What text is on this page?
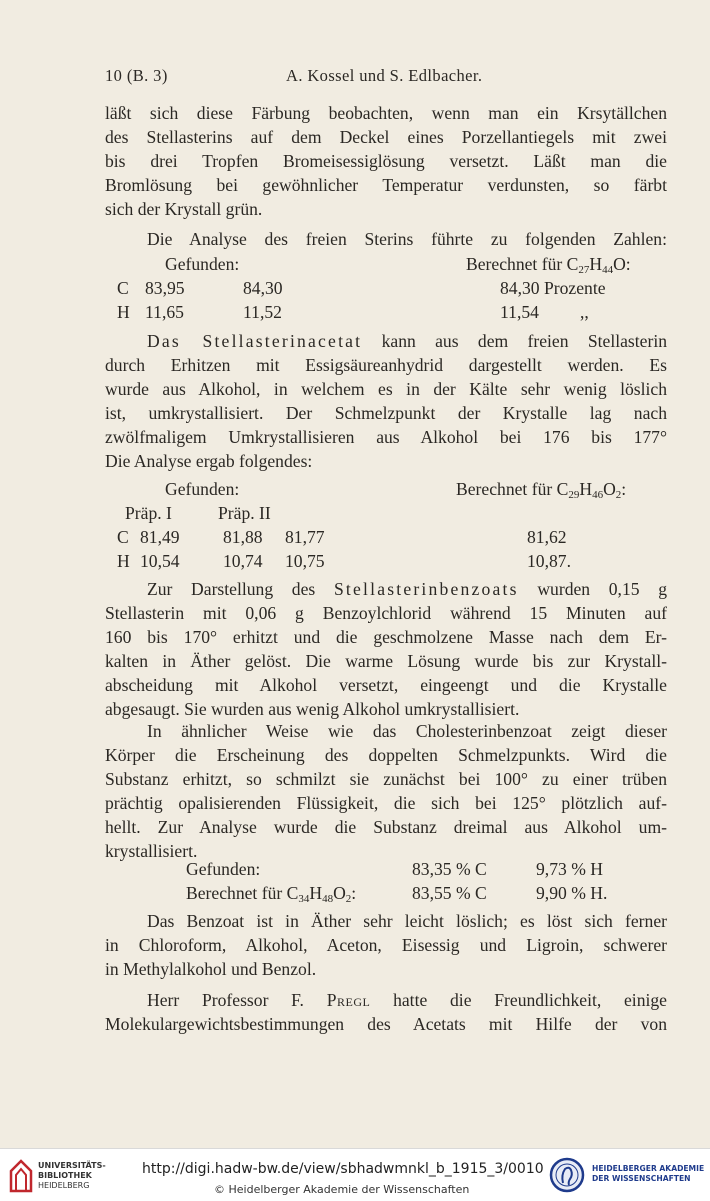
10 (B. 3)	A. Kossel und S. Edlbacher.
läßt sich diese Färbung beobachten, wenn man ein Krsytällchen
des Stellasterins auf dem Deckel eines Porzellantiegels mit zwei
bis drei Tropfen Bromeisessiglösung versetzt. Läßt man die
Bromlösung bei gewöhnlicher Temperatur verdunsten, so färbt
sich der Krystall grün.
Die Analyse des freien Sterins führte zu folgenden Zahlen:
Gefunden:	Berechnet für $C_{27}H_{44}O$:
C 83,95	84,30	84,30 Prozente
H 11,65	11,52	11,54 ,,
Das Stellasterinacetat kann aus dem freien Stellasterin
durch Erhitzen mit Essigsäureanhydrid dargestellt werden. Es
wurde aus Alkohol, in welchem es in der Kälte sehr wenig löslich
ist, umkrystallisiert. Der Schmelzpunkt der Krystalle lag nach
zwölfmaligem Umkrystallisieren aus Alkohol bei 176 bis 177°
Die Analyse ergab folgendes:
Gefunden:	Berechnet für $C_{29}H_{46}O_2$:
Präp. I	Präp. II
C 81,49 81,88 81,77	81,62
H 10,54 10,74 10,75	10,87.
Zur Darstellung des Stellasterinbenzoats wurden 0,15 g
Stellasterin mit 0,06 g Benzoylchlorid während 15 Minuten auf
160 bis 170° erhitzt und die geschmolzene Masse nach dem Er-
kalten in Äther gelöst. Die warme Lösung wurde bis zur Krystall-
abscheidung mit Alkohol versetzt, eingeengt und die Krystalle
abgesaugt. Sie wurden aus wenig Alkohol umkrystallisiert.
In ähnlicher Weise wie das Cholesterinbenzoat zeigt dieser
Körper die Erscheinung des doppelten Schmelzpunkts. Wird die
Substanz erhitzt, so schmilzt sie zunächst bei 100° zu einer trüben
prächtig opalisierenden Flüssigkeit, die sich bei 125° plötzlich auf-
hellt. Zur Analyse wurde die Substanz dreimal aus Alkohol um-
krystallisiert.
Gefunden:	83,35 % C	9,73 % H
Berechnet für $C_{34}H_{48}O_2$:	83,55 % C	9,90 % H.
Das Benzoat ist in Äther sehr leicht löslich; es löst sich ferner
in Chloroform, Alkohol, Aceton, Eisessig und Ligroin, schwerer
in Methylalkohol und Benzol.
Herr Professor F. Pregl hatte die Freundlichkeit, einige
Molekulargewichtsbestimmungen des Acetats mit Hilfe der von
UNIVERSITÄTS-
BIBLIOTHEK
HEIDELBERG
http://digi.hadw-bw.de/view/sbhadwmnkl_b_1915_3/0010
© Heidelberger Akademie der Wissenschaften
HEIDELBERGER AKADEMIE
DER WISSENSCHAFTEN
